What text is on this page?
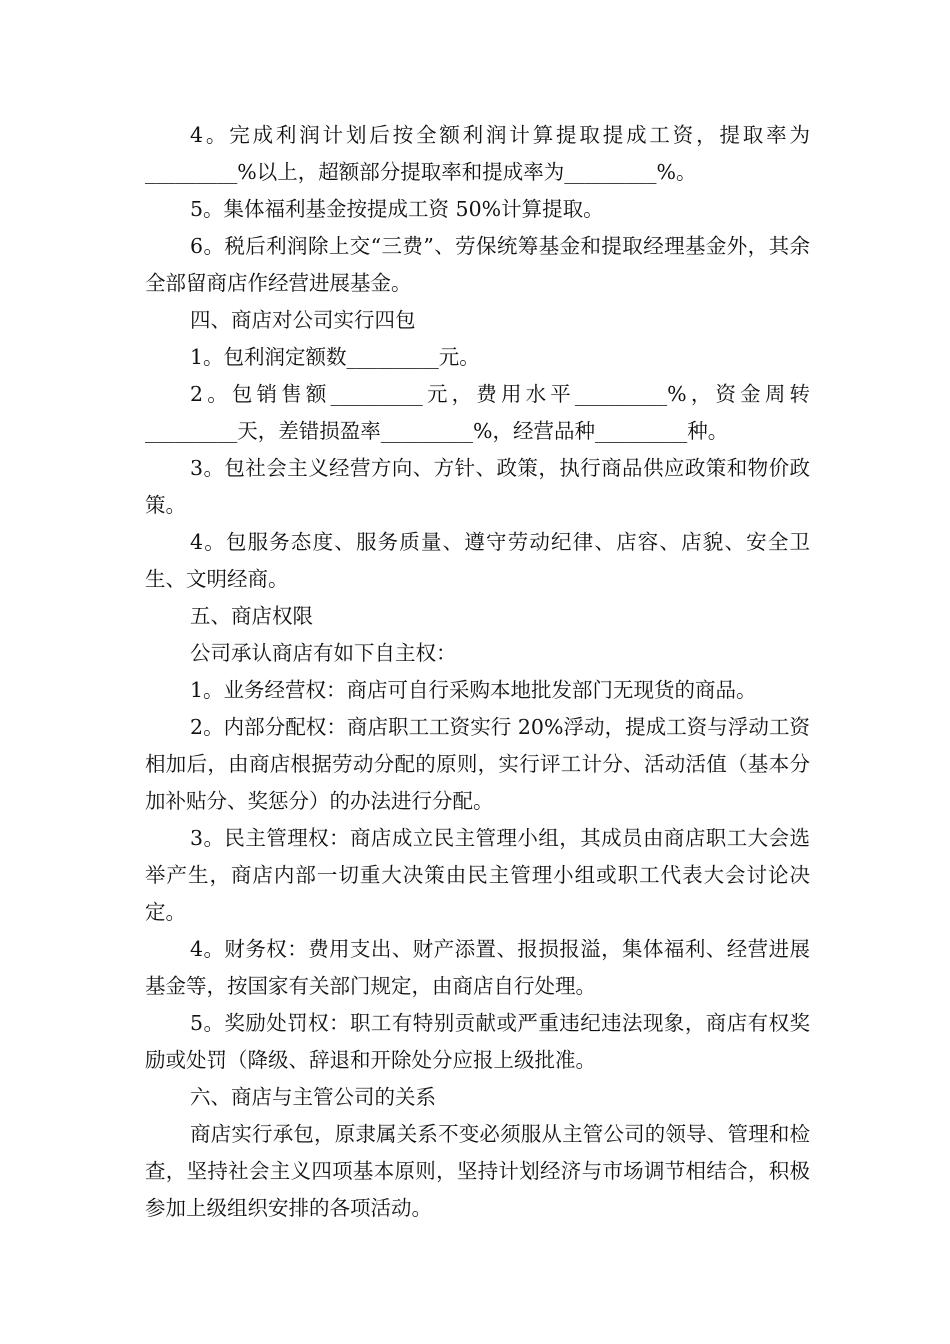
4。完成利润计划后按全额利润计算提取提成工资，提取率为_________%以上，超额部分提取率和提成率为_________%。

5。集体福利基金按提成工资 50%计算提取。

6。税后利润除上交“三费”、劳保统筹基金和提取经理基金外，其余全部留商店作经营进展基金。

四、商店对公司实行四包

1。包利润定额数_________元。

2。包销售额_________元，费用水平_________%，资金周转_________天，差错损盈率_________%，经营品种_________种。

3。包社会主义经营方向、方针、政策，执行商品供应政策和物价政策。

4。包服务态度、服务质量、遵守劳动纪律、店容、店貌、安全卫生、文明经商。

五、商店权限

公司承认商店有如下自主权：

1。业务经营权：商店可自行采购本地批发部门无现货的商品。

2。内部分配权：商店职工工资实行 20%浮动，提成工资与浮动工资相加后，由商店根据劳动分配的原则，实行评工计分、活动活值（基本分加补贴分、奖惩分）的办法进行分配。

3。民主管理权：商店成立民主管理小组，其成员由商店职工大会选举产生，商店内部一切重大决策由民主管理小组或职工代表大会讨论决定。

4。财务权：费用支出、财产添置、报损报溢，集体福利、经营进展基金等，按国家有关部门规定，由商店自行处理。

5。奖励处罚权：职工有特别贡献或严重违纪违法现象，商店有权奖励或处罚（降级、辞退和开除处分应报上级批准。

六、商店与主管公司的关系

商店实行承包，原隶属关系不变必须服从主管公司的领导、管理和检查，坚持社会主义四项基本原则，坚持计划经济与市场调节相结合，积极参加上级组织安排的各项活动。
